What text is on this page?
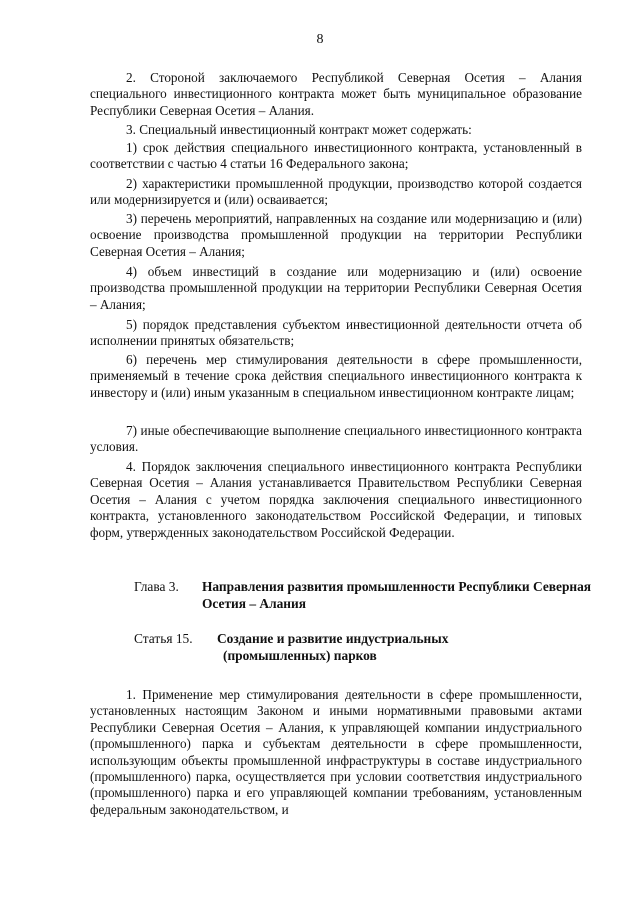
8
2. Стороной заключаемого Республикой Северная Осетия – Алания специального инвестиционного контракта может быть муниципальное образование Республики Северная Осетия – Алания.
3. Специальный инвестиционный контракт может содержать:
1) срок действия специального инвестиционного контракта, установленный в соответствии с частью 4 статьи 16 Федерального закона;
2) характеристики промышленной продукции, производство которой создается или модернизируется и (или) осваивается;
3) перечень мероприятий, направленных на создание или модернизацию и (или) освоение производства промышленной продукции на территории Республики Северная Осетия – Алания;
4) объем инвестиций в создание или модернизацию и (или) освоение производства промышленной продукции на территории Республики Северная Осетия – Алания;
5) порядок представления субъектом инвестиционной деятельности отчета об исполнении принятых обязательств;
6) перечень мер стимулирования деятельности в сфере промышленности, применяемый в течение срока действия специального инвестиционного контракта к инвестору и (или) иным указанным в специальном инвестиционном контракте лицам;
7) иные обеспечивающие выполнение специального инвестиционного контракта условия.
4. Порядок заключения специального инвестиционного контракта Республики Северная Осетия – Алания устанавливается Правительством Республики Северная Осетия – Алания с учетом порядка заключения специального инвестиционного контракта, установленного законодательством Российской Федерации, и типовых форм, утвержденных законодательством Российской Федерации.
1. Применение мер стимулирования деятельности в сфере промышленности, установленных настоящим Законом и иными нормативными правовыми актами Республики Северная Осетия – Алания, к управляющей компании индустриального (промышленного) парка и субъектам деятельности в сфере промышленности, использующим объекты промышленной инфраструктуры в составе индустриального (промышленного) парка, осуществляется при условии соответствия индустриального (промышленного) парка и его управляющей компании требованиям, установленным федеральным законодательством, и
Глава 3. Направления развития промышленности Республики Северная Осетия – Алания
Статья 15. Создание и развитие индустриальных
(промышленных) парков
